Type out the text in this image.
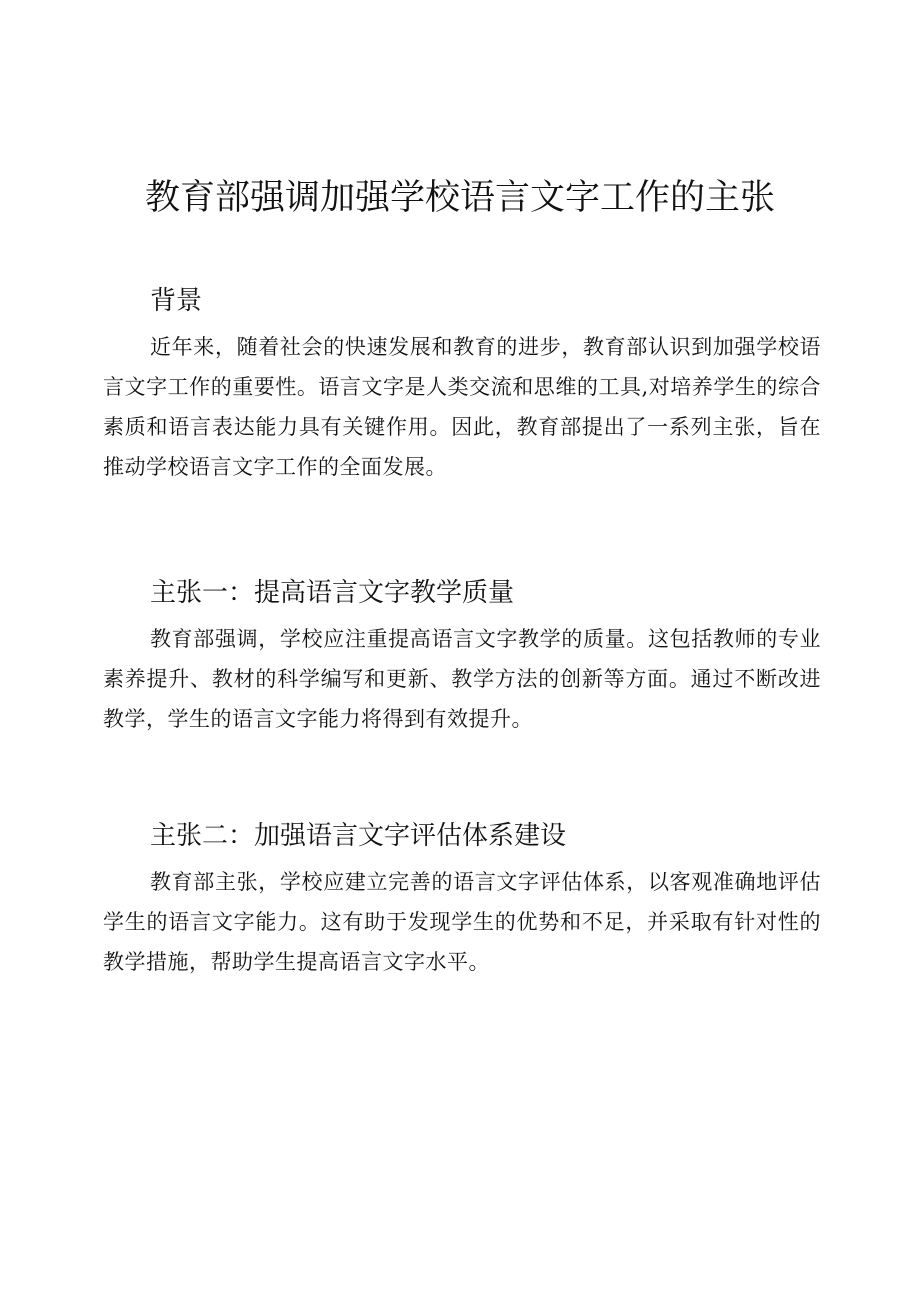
教育部强调加强学校语言文字工作的主张
背景

近年来，随着社会的快速发展和教育的进步，教育部认识到加强学校语言文字工作的重要性。语言文字是人类交流和思维的工具,对培养学生的综合素质和语言表达能力具有关键作用。因此，教育部提出了一系列主张，旨在推动学校语言文字工作的全面发展。

主张一：提高语言文字教学质量

教育部强调，学校应注重提高语言文字教学的质量。这包括教师的专业素养提升、教材的科学编写和更新、教学方法的创新等方面。通过不断改进教学，学生的语言文字能力将得到有效提升。

主张二：加强语言文字评估体系建设

教育部主张，学校应建立完善的语言文字评估体系，以客观准确地评估学生的语言文字能力。这有助于发现学生的优势和不足，并采取有针对性的教学措施，帮助学生提高语言文字水平。
